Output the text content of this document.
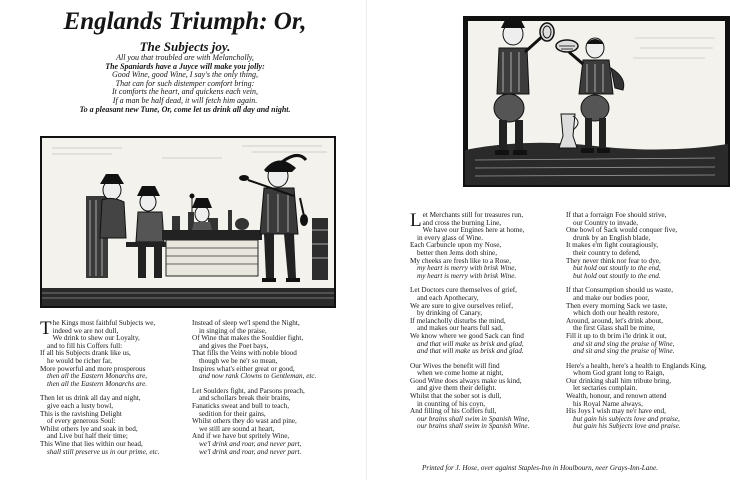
Englands Triumph: Or,
The Subjects joy.
All you that troubled are with Melancholly,
The Spaniards have a Juyce will make you jolly:
Good Wine, good Wine, I say's the only thing,
That can for such distemper comfort bring:
It comforts the heart, and quickens each vein,
If a man be half dead, it will fetch him again.
To a pleasant new Tune, Or, come let us drink all day and night.
T he Kings most faithful Subjects we,
indeed we are not dull,
We drink to shew our Loyalty,
and to fill his Coffers full:
If all his Subjects drank like us,
he would be richer far,
More powerful and more prosperous
then all the Eastern Monarchs are,
then all the Eastern Monarchs are.
Then let us drink all day and night,
give each a lusty bowl,
This is the ravishing Delight
of every generous Soul:
Whilst others lye and soak in bed,
and Live but half their time;
This Wine that lies within our head,
shall still preserve us in our prime, etc.
Instead of sleep we'l spend the Night,
in singing of the praise,
Of Wine that makes the Souldier fight,
and gives the Poet bays,
That fills the Veins with noble blood
though we be ne'r so mean,
Inspires what's either great or good,
and now rank Clowns to Gentleman, etc.
Let Soulders fight, and Parsons preach,
and schollars break their brains,
Fanaticks sweat and bull to teach,
sedition for their gains,
Whilst others they do wast and pine,
we still are sound at heart,
And if we have but spritely Wine,
we'l drink and roar, and never part,
we'l drink and roar, and never part.
L et Merchants still for treasures run,
and cross the burning Line,
We have our Engines here at home,
in every glass of Wine.
Each Carbuncle upon my Nose,
better then Jems doth shine,
My cheeks are fresh like to a Rose,
my heart is merry with brisk Wine,
my heart is merry with brisk Wine.
Let Doctors cure themselves of grief,
and each Apothecary,
We are sure to give ourselves relief,
by drinking of Canary,
If melancholly disturbs the mind,
and makes our hearts full sad,
We know where we good Sack can find
and that will make us brisk and glad,
and that will make us brisk and glad.
Our Wives the benefit will find
when we come home at night,
Good Wine does always make us kind,
and give them their delight.
Whilst that the sober sot is dull,
in counting of his coyn,
And filling of his Coffers full,
our brains shall swim in Spanish Wine,
our brains shall swim in Spanish Wine.
If that a forraign Foe should strive,
our Country to invade,
One bowl of Sack would conquer five,
drunk by an English blade,
It makes e'm fight couragiously,
their country to defend,
They never think nor fear to dye,
but hold out stoutly to the end,
but hold out stoutly to the end.
If that Consumption should us waste,
and make our bodies poor,
Then every morning Sack we taste,
which doth our health restore,
Around, around, let's drink about,
the first Glass shall be mine,
Fill it up to th brim i'le drink it out,
and sit and sing the praise of Wine,
and sit and sing the praise of Wine.
Here's a health, here's a health to Englands King,
whom God grant long to Raign,
Our drinking shall him tribute bring,
let sectaries complain.
Wealth, honour, and renown attend
his Royal Name always,
His Joys I wish may ne'r have end,
but gain his subjects love and praise,
but gain his Subjects love and praise.
Printed for J. Hose, over against Staples-Inn in Houlbourn, neer Grays-Inn-Lane.
